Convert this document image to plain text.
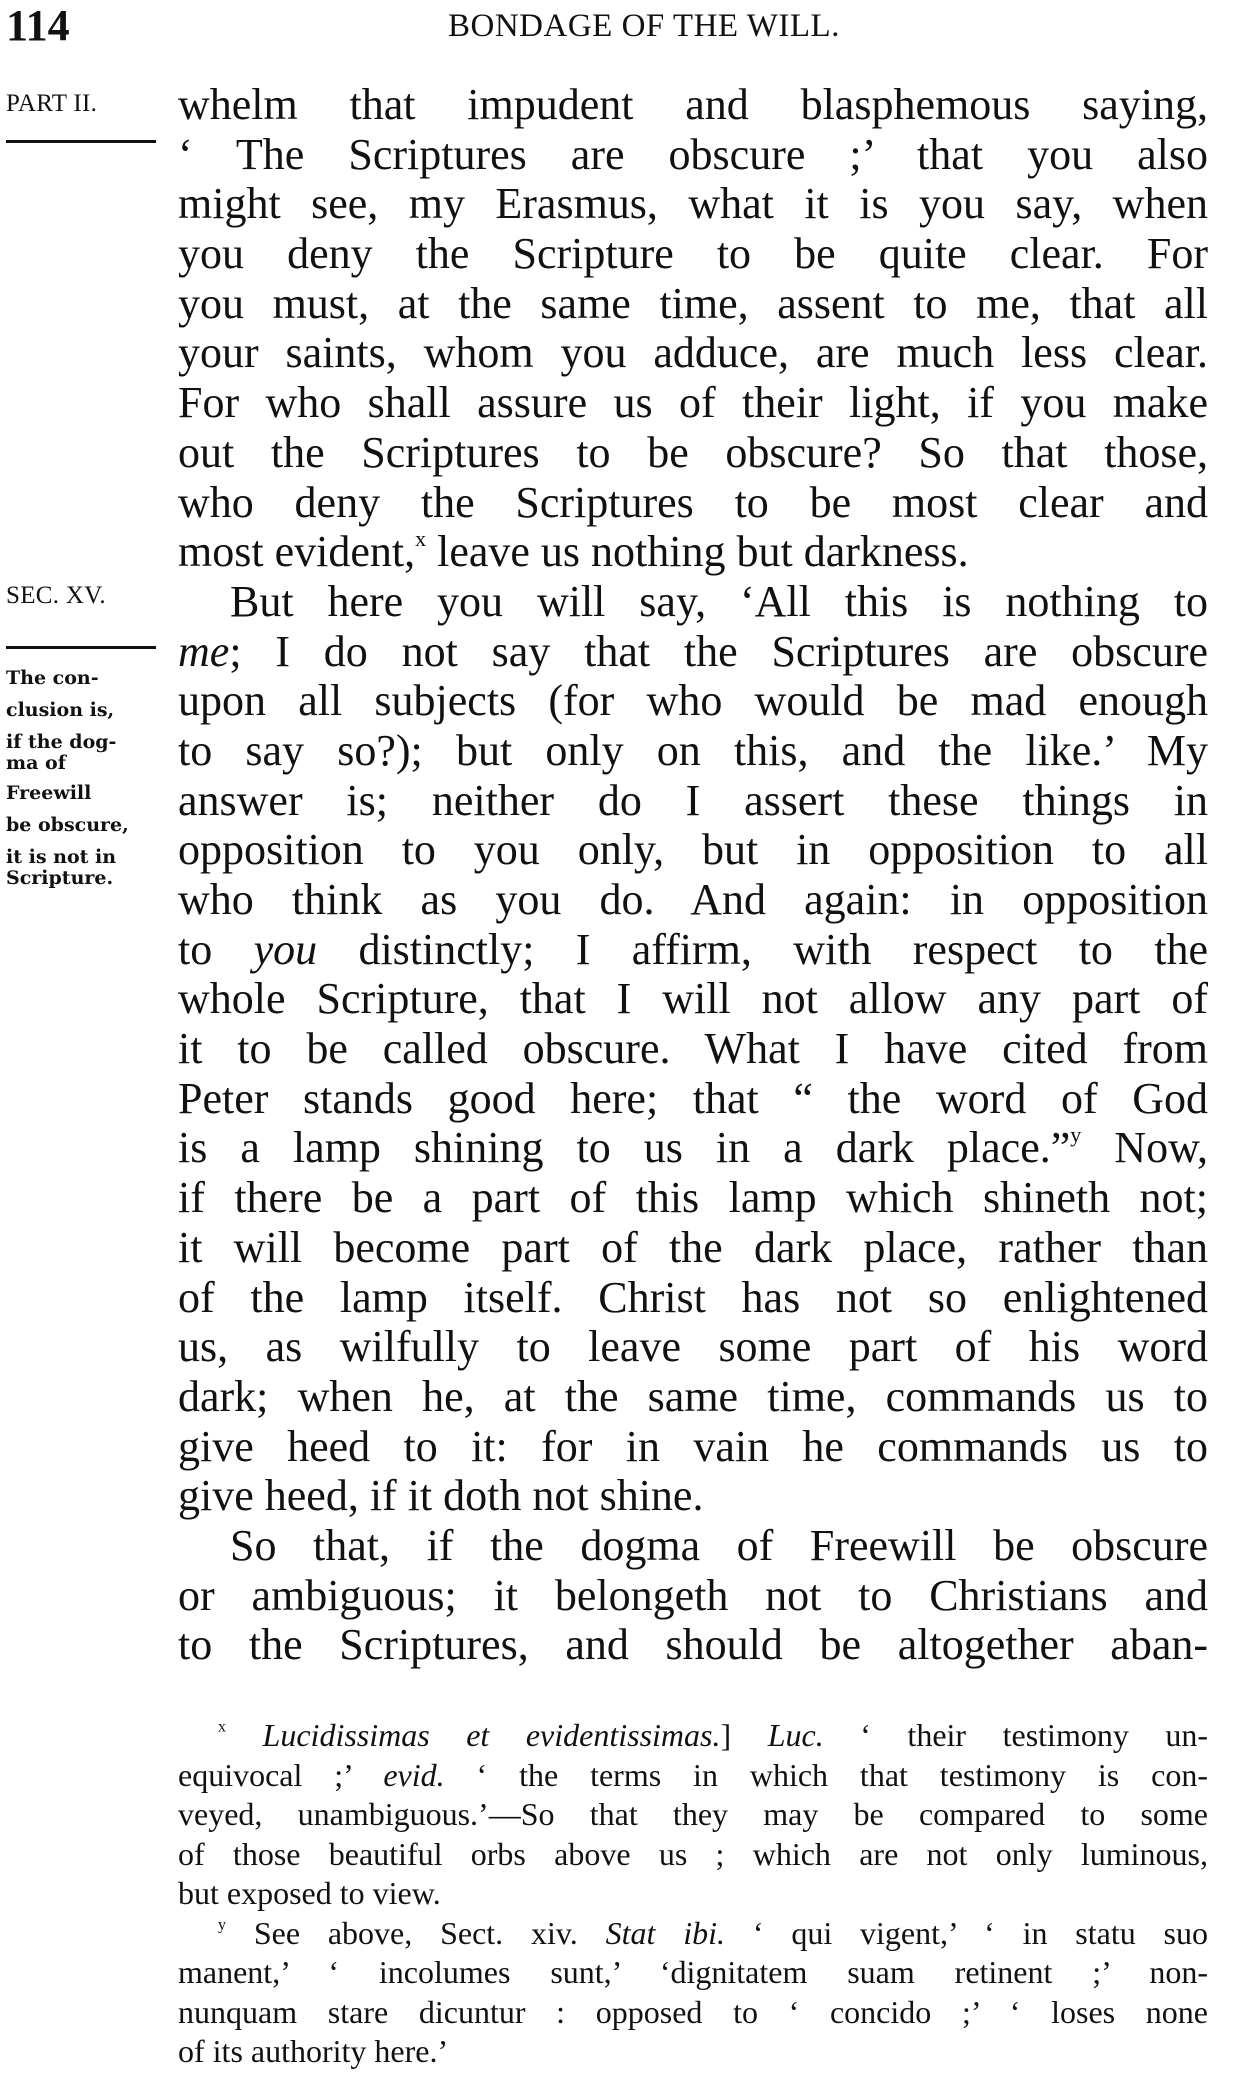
114	BONDAGE OF THE WILL.
PART II.
SEC. XV.
The con-
clusion is,
if the dog-
ma of
Freewill
be obscure,
it is not in
Scripture.
whelm that impudent and blasphemous saying,
‘ The Scriptures are obscure ;’ that you also
might see, my Erasmus, what it is you say, when
you deny the Scripture to be quite clear. For
you must, at the same time, assent to me, that all
your saints, whom you adduce, are much less clear.
For who shall assure us of their light, if you make
out the Scriptures to be obscure? So that those,
who deny the Scriptures to be most clear and
most evident,$^x$ leave us nothing but darkness.
But here you will say, ‘All this is nothing to
me; I do not say that the Scriptures are obscure
upon all subjects (for who would be mad enough
to say so?); but only on this, and the like.’ My
answer is; neither do I assert these things in
opposition to you only, but in opposition to all
who think as you do. And again: in opposition
to you distinctly; I affirm, with respect to the
whole Scripture, that I will not allow any part of
it to be called obscure. What I have cited from
Peter stands good here; that “ the word of God
is a lamp shining to us in a dark place.”$^y$ Now,
if there be a part of this lamp which shineth not;
it will become part of the dark place, rather than
of the lamp itself. Christ has not so enlightened
us, as wilfully to leave some part of his word
dark; when he, at the same time, commands us to
give heed to it: for in vain he commands us to
give heed, if it doth not shine.
So that, if the dogma of Freewill be obscure
or ambiguous; it belongeth not to Christians and
to the Scriptures, and should be altogether aban-
$^x$ Lucidissimas et evidentissimas.] Luc. ‘ their testimony un-
equivocal ;’ evid. ‘ the terms in which that testimony is con-
veyed, unambiguous.’—So that they may be compared to some
of those beautiful orbs above us ; which are not only luminous,
but exposed to view.
$^y$ See above, Sect. xiv. Stat ibi. ‘ qui vigent,’ ‘ in statu suo
manent,’ ‘ incolumes sunt,’ ‘dignitatem suam retinent ;’ non-
nunquam stare dicuntur : opposed to ‘ concido ;’ ‘ loses none
of its authority here.’
